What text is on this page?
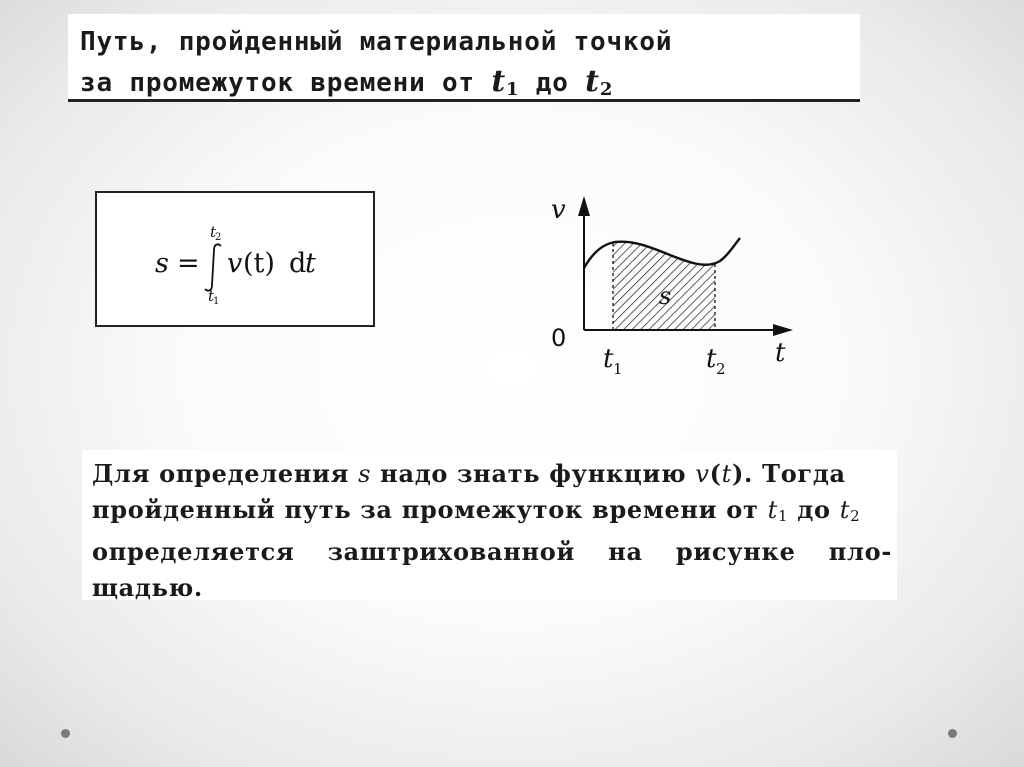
Путь, пройденный материальной точкой
за промежуток времени от $t_1$ до $t_2$
s =
t
2
t
1
v (t) d
t
v
t
0
s
t 1	t 2
Для определения s надо знать функцию v(t). Тогда
пройденный путь за промежуток времени от $t_1$ до $t_2$
определяется заштрихованной на рисунке пло-
щадью.
